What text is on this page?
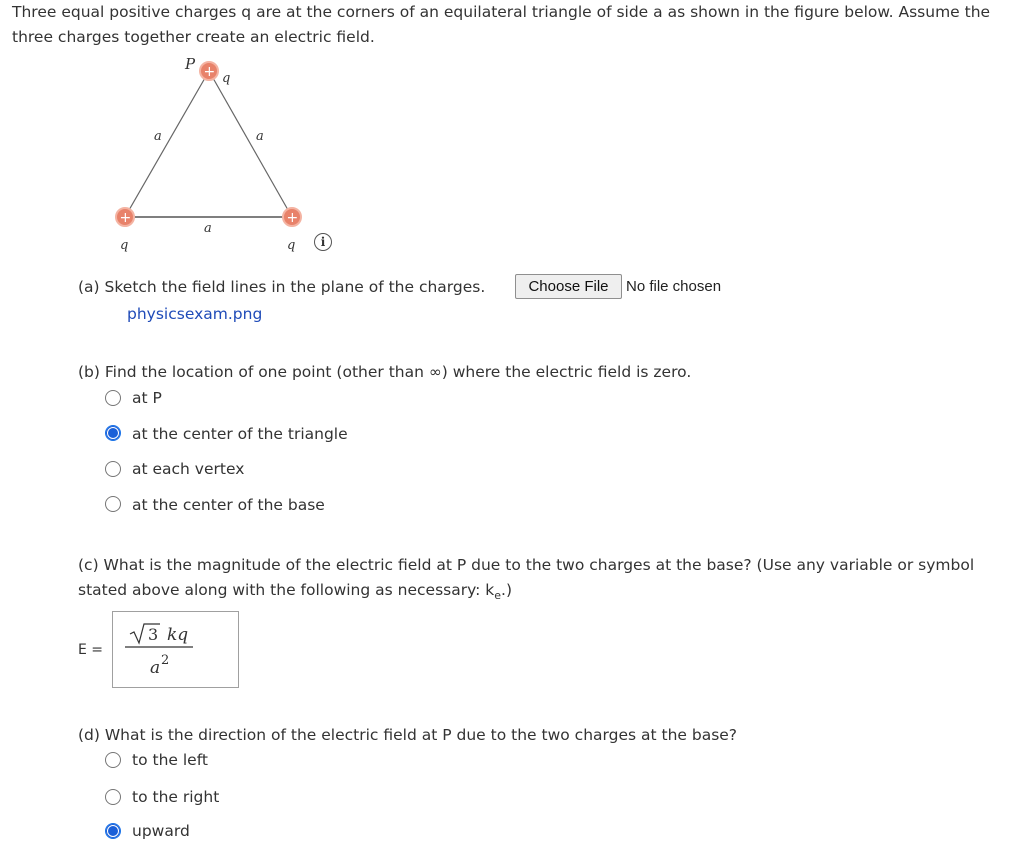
Three equal positive charges q are at the corners of an equilateral triangle of side a as shown in the figure below. Assume the three charges together create an electric field.
+
+	+
P
q
a	a
a
q	q	i
(a) Sketch the field lines in the plane of the charges.	Choose File	No file chosen
physicsexam.png
(b) Find the location of one point (other than ∞) where the electric field is zero.
at P
at the center of the triangle
at each vertex
at the center of the base
(c) What is the magnitude of the electric field at P due to the two charges at the base? (Use any variable or symbol
stated above along with the following as necessary: $k_e$.)
E =
3 kq
a 2
(d) What is the direction of the electric field at P due to the two charges at the base?
to the left
to the right
upward
